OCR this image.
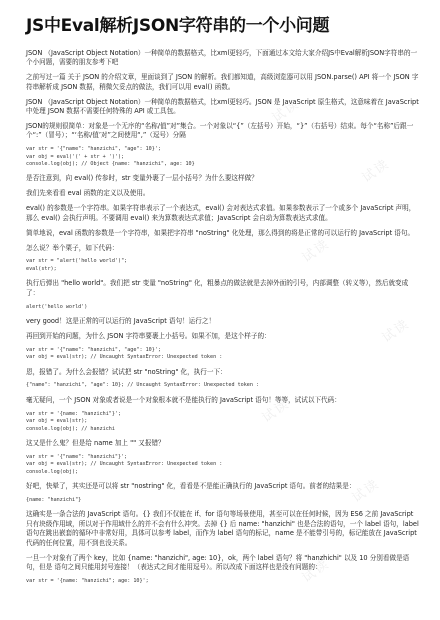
JS中Eval解析JSON字符串的一个小问题
JSON （JavaScript Object Notation）一种简单的数据格式，比xml更轻巧，下面通过本文给大家介绍JS中Eval解析JSON字符串的一个小问题，需要的朋友参考下吧
之前写过一篇 关于 JSON 的介绍文章，里面谈到了 JSON 的解析。我们都知道，高级浏览器可以用 JSON.parse() API 将一个 JSON 字符串解析成 JSON 数据，稍微欠妥点的做法，我们可以用 eval() 函数。
JSON （JavaScript Object Notation）一种简单的数据格式，比xml更轻巧。JSON 是 JavaScript 原生格式，这意味着在 JavaScript 中处理 JSON 数据不需要任何特殊的 API 或工具包。
JSON的规则很简单：对象是一个无序的“名称/值”对”集合。一个对象以“{”（左括号）开始，“}”（右括号）结束。每个“名称”后跟一个“:”（冒号）；“‘名称/值’对”之间使用“,”（逗号）分隔
var str = '{"name": "hanzichi", "age": 10}';
var obj = eval('(' + str + ')');
console.log(obj); // Object {name: "hanzichi", age: 10}
是否注意到，向 eval() 传参时，str 变量外裹了一层小括号？为什么要这样做？
我们先来看看 eval 函数的定义以及使用。
eval() 的参数是一个字符串。如果字符串表示了一个表达式，eval() 会对表达式求值。如果参数表示了一个或多个 JavaScript 声明，那么 eval() 会执行声明。不要调用 eval() 来为算数表达式求值；JavaScript 会自动为算数表达式求值。
简单地说，eval 函数的参数是一个字符串，如果把字符串 "noString" 化处理，那么得到的将是正常的可以运行的 JavaScript 语句。
怎么说？举个栗子，如下代码：
var str = "alert('hello world')";
eval(str);
执行后弹出 "hello world"。我们把 str 变量 "noString" 化，粗暴点的做法就是去掉外面的引号，内部调整（转义等），然后就变成了：
alert('hello world')
very good！这是正常的可以运行的 JavaScript 语句！运行之！
再回到开始的问题，为什么 JSON 字符串要裹上小括号。如果不加，是这个样子的：
var str = '{"name": "hanzichi", "age": 10}';
var obj = eval(str); // Uncaught SyntaxError: Unexpected token :
恩，报错了。为什么会报错？试试把 str "noString" 化，执行一下：
{"name": "hanzichi", "age": 10}; // Uncaught SyntaxError: Unexpected token :
毫无疑问，一个 JSON 对象或者说是一个对象根本就不是能执行的 JavaScript 语句！等等，试试以下代码：
var str = '{name: "hanzichi"}';
var obj = eval(str);
console.log(obj); // hanzichi
这又是什么鬼？但是给 name 加上 "" 又报错？
var str = '{"name": "hanzichi"}';
var obj = eval(str); // Uncaught SyntaxError: Unexpected token :
console.log(obj);
好吧，快晕了，其实还是可以将 str "nostring" 化，看看是不是能正确执行的 JavaScript 语句。前者的结果是：
{name: "hanzichi"}
这确实是一条合法的 JavaScript 语句。{} 我们不仅能在 if、for 语句等场景使用，甚至可以在任何时候，因为 ES6 之前 JavaScript 只有块级作用域，所以对于作用域什么的并不会有什么冲突。去掉 {} 后 name: "hanzichi" 也是合法的语句，一个 label 语句，label 语句在跳出嵌套的循环中非常好用，具体可以参考 label，而作为 label 语句的标记，name 是不能带引号的，标记能放在 JavaScript 代码的任何位置，用不到也没关系。
一旦一个对象有了两个 key，比如 {name: "hanzichi", age: 10}，ok，两个 label 语句？将 "hanzhichi" 以及 10 分别看做是语句，但是 语句之间只能用封号连接！（表达式之间才能用逗号）。所以改成下面这样也是没有问题的：
var str = '{name: "hanzichi"; age: 10}';
试读
试读
试读
试读
试读
试读
试读
